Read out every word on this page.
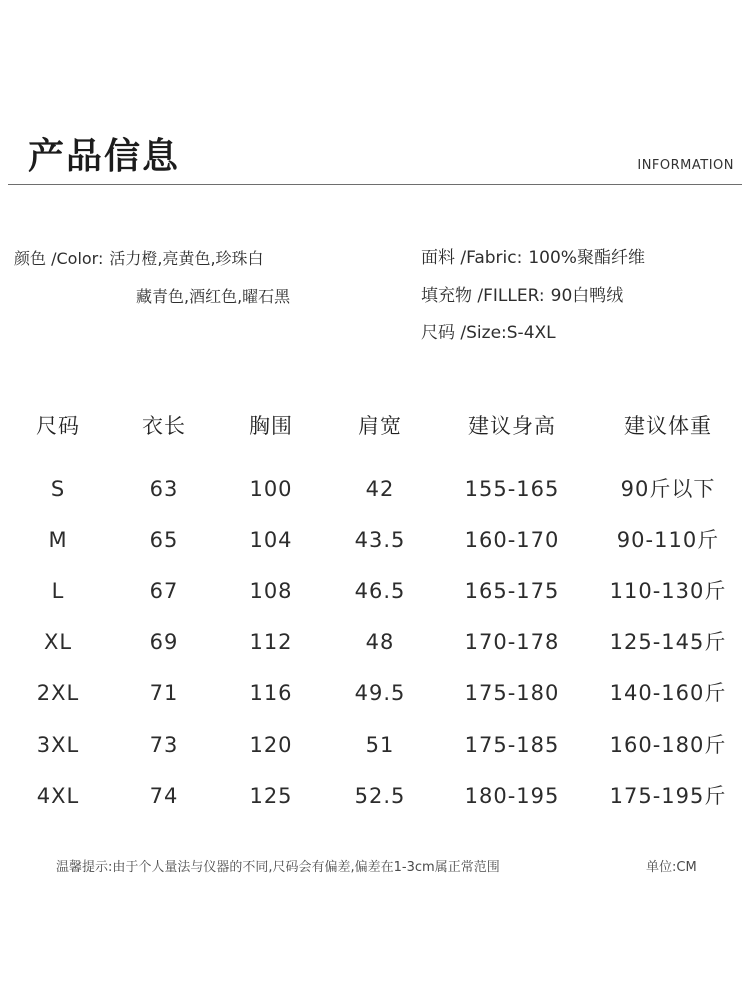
产品信息	INFORMATION
颜色 /Color: 活力橙,亮黄色,珍珠白
藏青色,酒红色,曜石黑
面料 /Fabric: 100%聚酯纤维
填充物 /FILLER: 90白鸭绒
尺码 /Size:S-4XL
尺码	衣长	胸围	肩宽	建议身高	建议体重
S	63	100	42	155-165	90斤以下
M	65	104	43.5	160-170	90-110斤
L	67	108	46.5	165-175 110-130斤
XL	69	112	48	170-178 125-145斤
2XL	71	116	49.5	175-180 140-160斤
3XL	73	120	51	175-185 160-180斤
4XL	74	125	52.5	180-195 175-195斤
温馨提示:由于个人量法与仪器的不同,尺码会有偏差,偏差在1-3cm属正常范围	单位:CM
